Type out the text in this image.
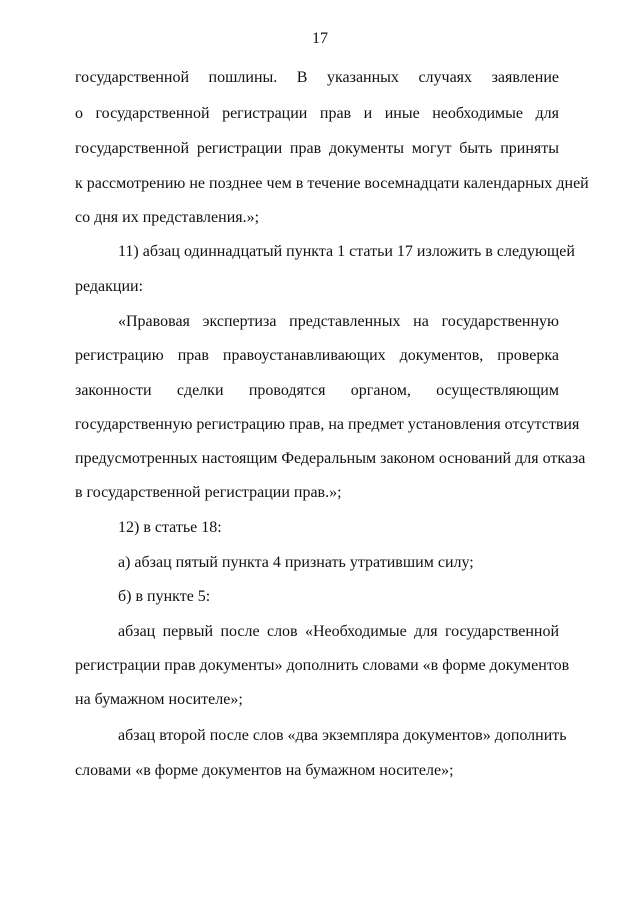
17
государственной пошлины. В указанных случаях заявление
о государственной регистрации прав и иные необходимые для
государственной регистрации прав документы могут быть приняты
к рассмотрению не позднее чем в течение восемнадцати календарных дней
со дня их представления.»;
11) абзац одиннадцатый пункта 1 статьи 17 изложить в следующей
редакции:
«Правовая экспертиза представленных на государственную
регистрацию прав правоустанавливающих документов, проверка
законности сделки проводятся органом, осуществляющим
государственную регистрацию прав, на предмет установления отсутствия
предусмотренных настоящим Федеральным законом оснований для отказа
в государственной регистрации прав.»;
12) в статье 18:
а) абзац пятый пункта 4 признать утратившим силу;
б) в пункте 5:
абзац первый после слов «Необходимые для государственной
регистрации прав документы» дополнить словами «в форме документов
на бумажном носителе»;
абзац второй после слов «два экземпляра документов» дополнить
словами «в форме документов на бумажном носителе»;
